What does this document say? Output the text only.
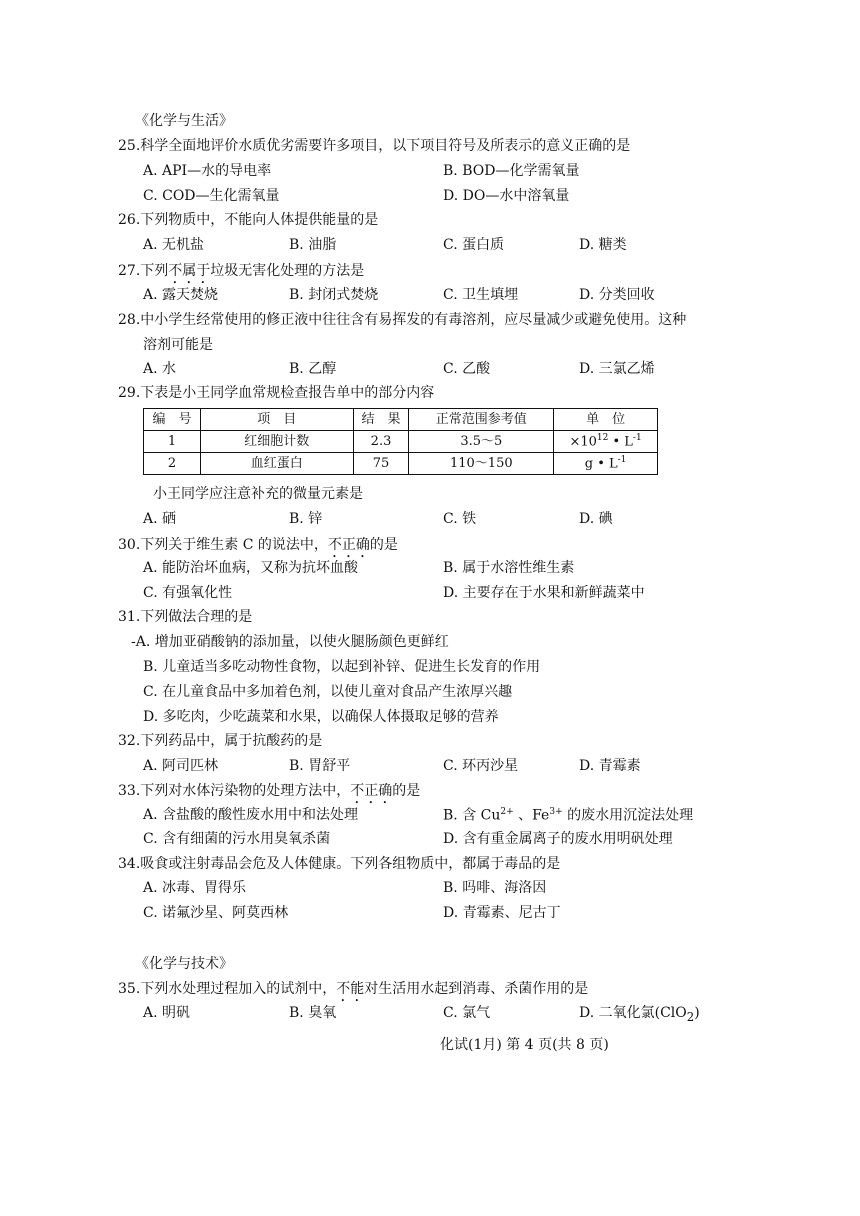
《化学与生活》
25.科学全面地评价水质优劣需要许多项目，以下项目符号及所表示的意义正确的是
A. API—水的导电率	B. BOD—化学需氧量
C. COD—生化需氧量	D. DO—水中溶氧量
26.下列物质中，不能向人体提供能量的是
A. 无机盐	B. 油脂	C. 蛋白质	D. 糖类
27.下列不属于垃圾无害化处理的方法是
A. 露天焚烧	B. 封闭式焚烧	C. 卫生填埋	D. 分类回收
28.中小学生经常使用的修正液中往往含有易挥发的有毒溶剂，应尽量减少或避免使用。这种
溶剂可能是
A. 水	B. 乙醇	C. 乙酸	D. 三氯乙烯
29.下表是小王同学血常规检查报告单中的部分内容
编　号	项　目	结　果	正常范围参考值	单　位
1	红细胞计数	2.3	3.5～5	$\times 10^{12}$ • $L^{-1}$
2	血红蛋白	75	110～150	g • $L^{-1}$
小王同学应注意补充的微量元素是
A. 硒	B. 锌	C. 铁	D. 碘
30.下列关于维生素 C 的说法中，不正确的是
A. 能防治坏血病，又称为抗坏血酸	B. 属于水溶性维生素
C. 有强氧化性	D. 主要存在于水果和新鲜蔬菜中
31.下列做法合理的是
-A. 增加亚硝酸钠的添加量，以使火腿肠颜色更鲜红
B. 儿童适当多吃动物性食物，以起到补锌、促进生长发育的作用
C. 在儿童食品中多加着色剂，以使儿童对食品产生浓厚兴趣
D. 多吃肉，少吃蔬菜和水果，以确保人体摄取足够的营养
32.下列药品中，属于抗酸药的是
A. 阿司匹林	B. 胃舒平	C. 环丙沙星	D. 青霉素
33.下列对水体污染物的处理方法中，不正确的是
A. 含盐酸的酸性废水用中和法处理	B. 含 $Cu^{2+}$ 、$Fe^{3+}$ 的废水用沉淀法处理
C. 含有细菌的污水用臭氧杀菌	D. 含有重金属离子的废水用明矾处理
34.吸食或注射毒品会危及人体健康。下列各组物质中，都属于毒品的是
A. 冰毒、胃得乐	B. 吗啡、海洛因
C. 诺氟沙星、阿莫西林	D. 青霉素、尼古丁
《化学与技术》
35.下列水处理过程加入的试剂中，不能对生活用水起到消毒、杀菌作用的是
A. 明矾	B. 臭氧	C. 氯气	D. 二氧化氯(ClO$_2$)
化试(1月) 第 4 页(共 8 页)
